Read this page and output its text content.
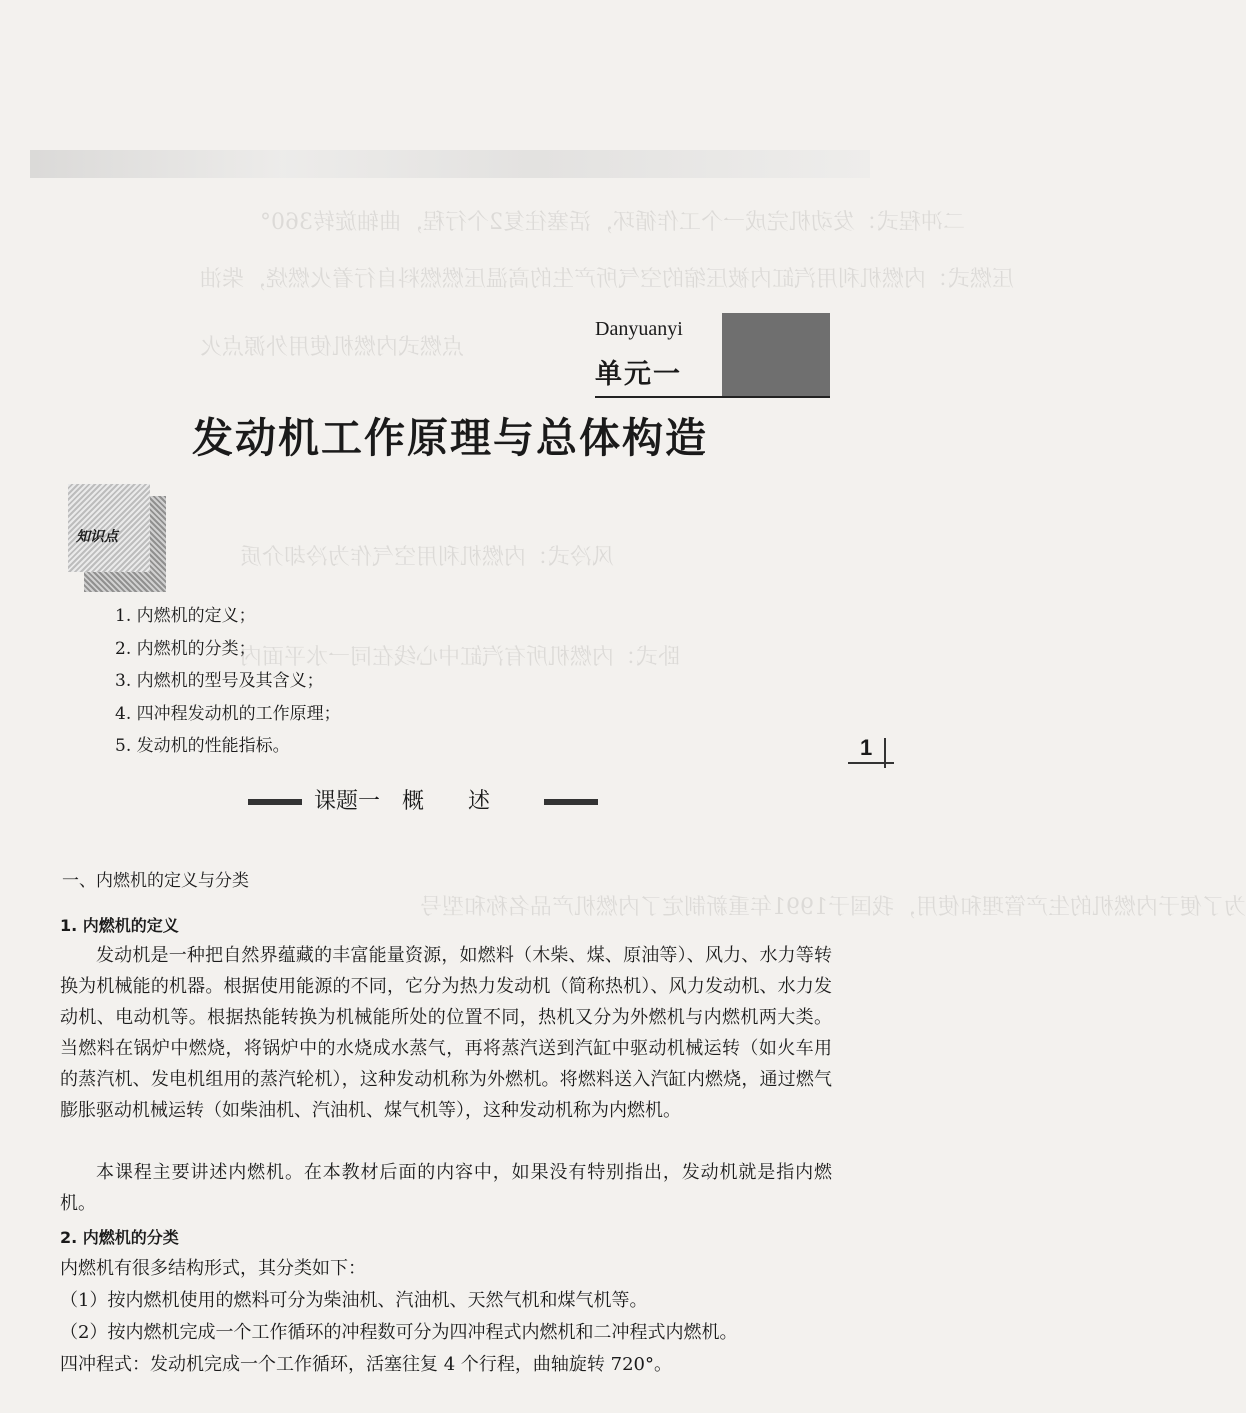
二冲程式：发动机完成一个工作循环，活塞往复2个行程，曲轴旋转360°
压燃式：内燃机利用汽缸内被压缩的空气所产生的高温压燃燃料自行着火燃烧，柴油
点燃式内燃机使用外源点火
风冷式：内燃机利用空气作为冷却介质
卧式：内燃机所有汽缸中心线在同一水平面内
为了便于内燃机的生产管理和使用，我国于1991年重新制定了内燃机产品名称和型号
Danyuanyi
单元一
发动机工作原理与总体构造
知识点
1. 内燃机的定义；
2. 内燃机的分类；
3. 内燃机的型号及其含义；
4. 四冲程发动机的工作原理；
5. 发动机的性能指标。
课题一　 概　　述
一、内燃机的定义与分类
1. 内燃机的定义
发动机是一种把自然界蕴藏的丰富能量资源，如燃料（木柴、煤、原油等）、风力、水力等转换为机械能的机器。根据使用能源的不同，它分为热力发动机（简称热机）、风力发动机、水力发动机、电动机等。根据热能转换为机械能所处的位置不同，热机又分为外燃机与内燃机两大类。当燃料在锅炉中燃烧，将锅炉中的水烧成水蒸气，再将蒸汽送到汽缸中驱动机械运转（如火车用的蒸汽机、发电机组用的蒸汽轮机），这种发动机称为外燃机。将燃料送入汽缸内燃烧，通过燃气膨胀驱动机械运转（如柴油机、汽油机、煤气机等），这种发动机称为内燃机。
本课程主要讲述内燃机。在本教材后面的内容中，如果没有特别指出，发动机就是指内燃机。
2. 内燃机的分类
内燃机有很多结构形式，其分类如下：
（1）按内燃机使用的燃料可分为柴油机、汽油机、天然气机和煤气机等。
（2）按内燃机完成一个工作循环的冲程数可分为四冲程式内燃机和二冲程式内燃机。
四冲程式：发动机完成一个工作循环，活塞往复 4 个行程，曲轴旋转 720°。
1
